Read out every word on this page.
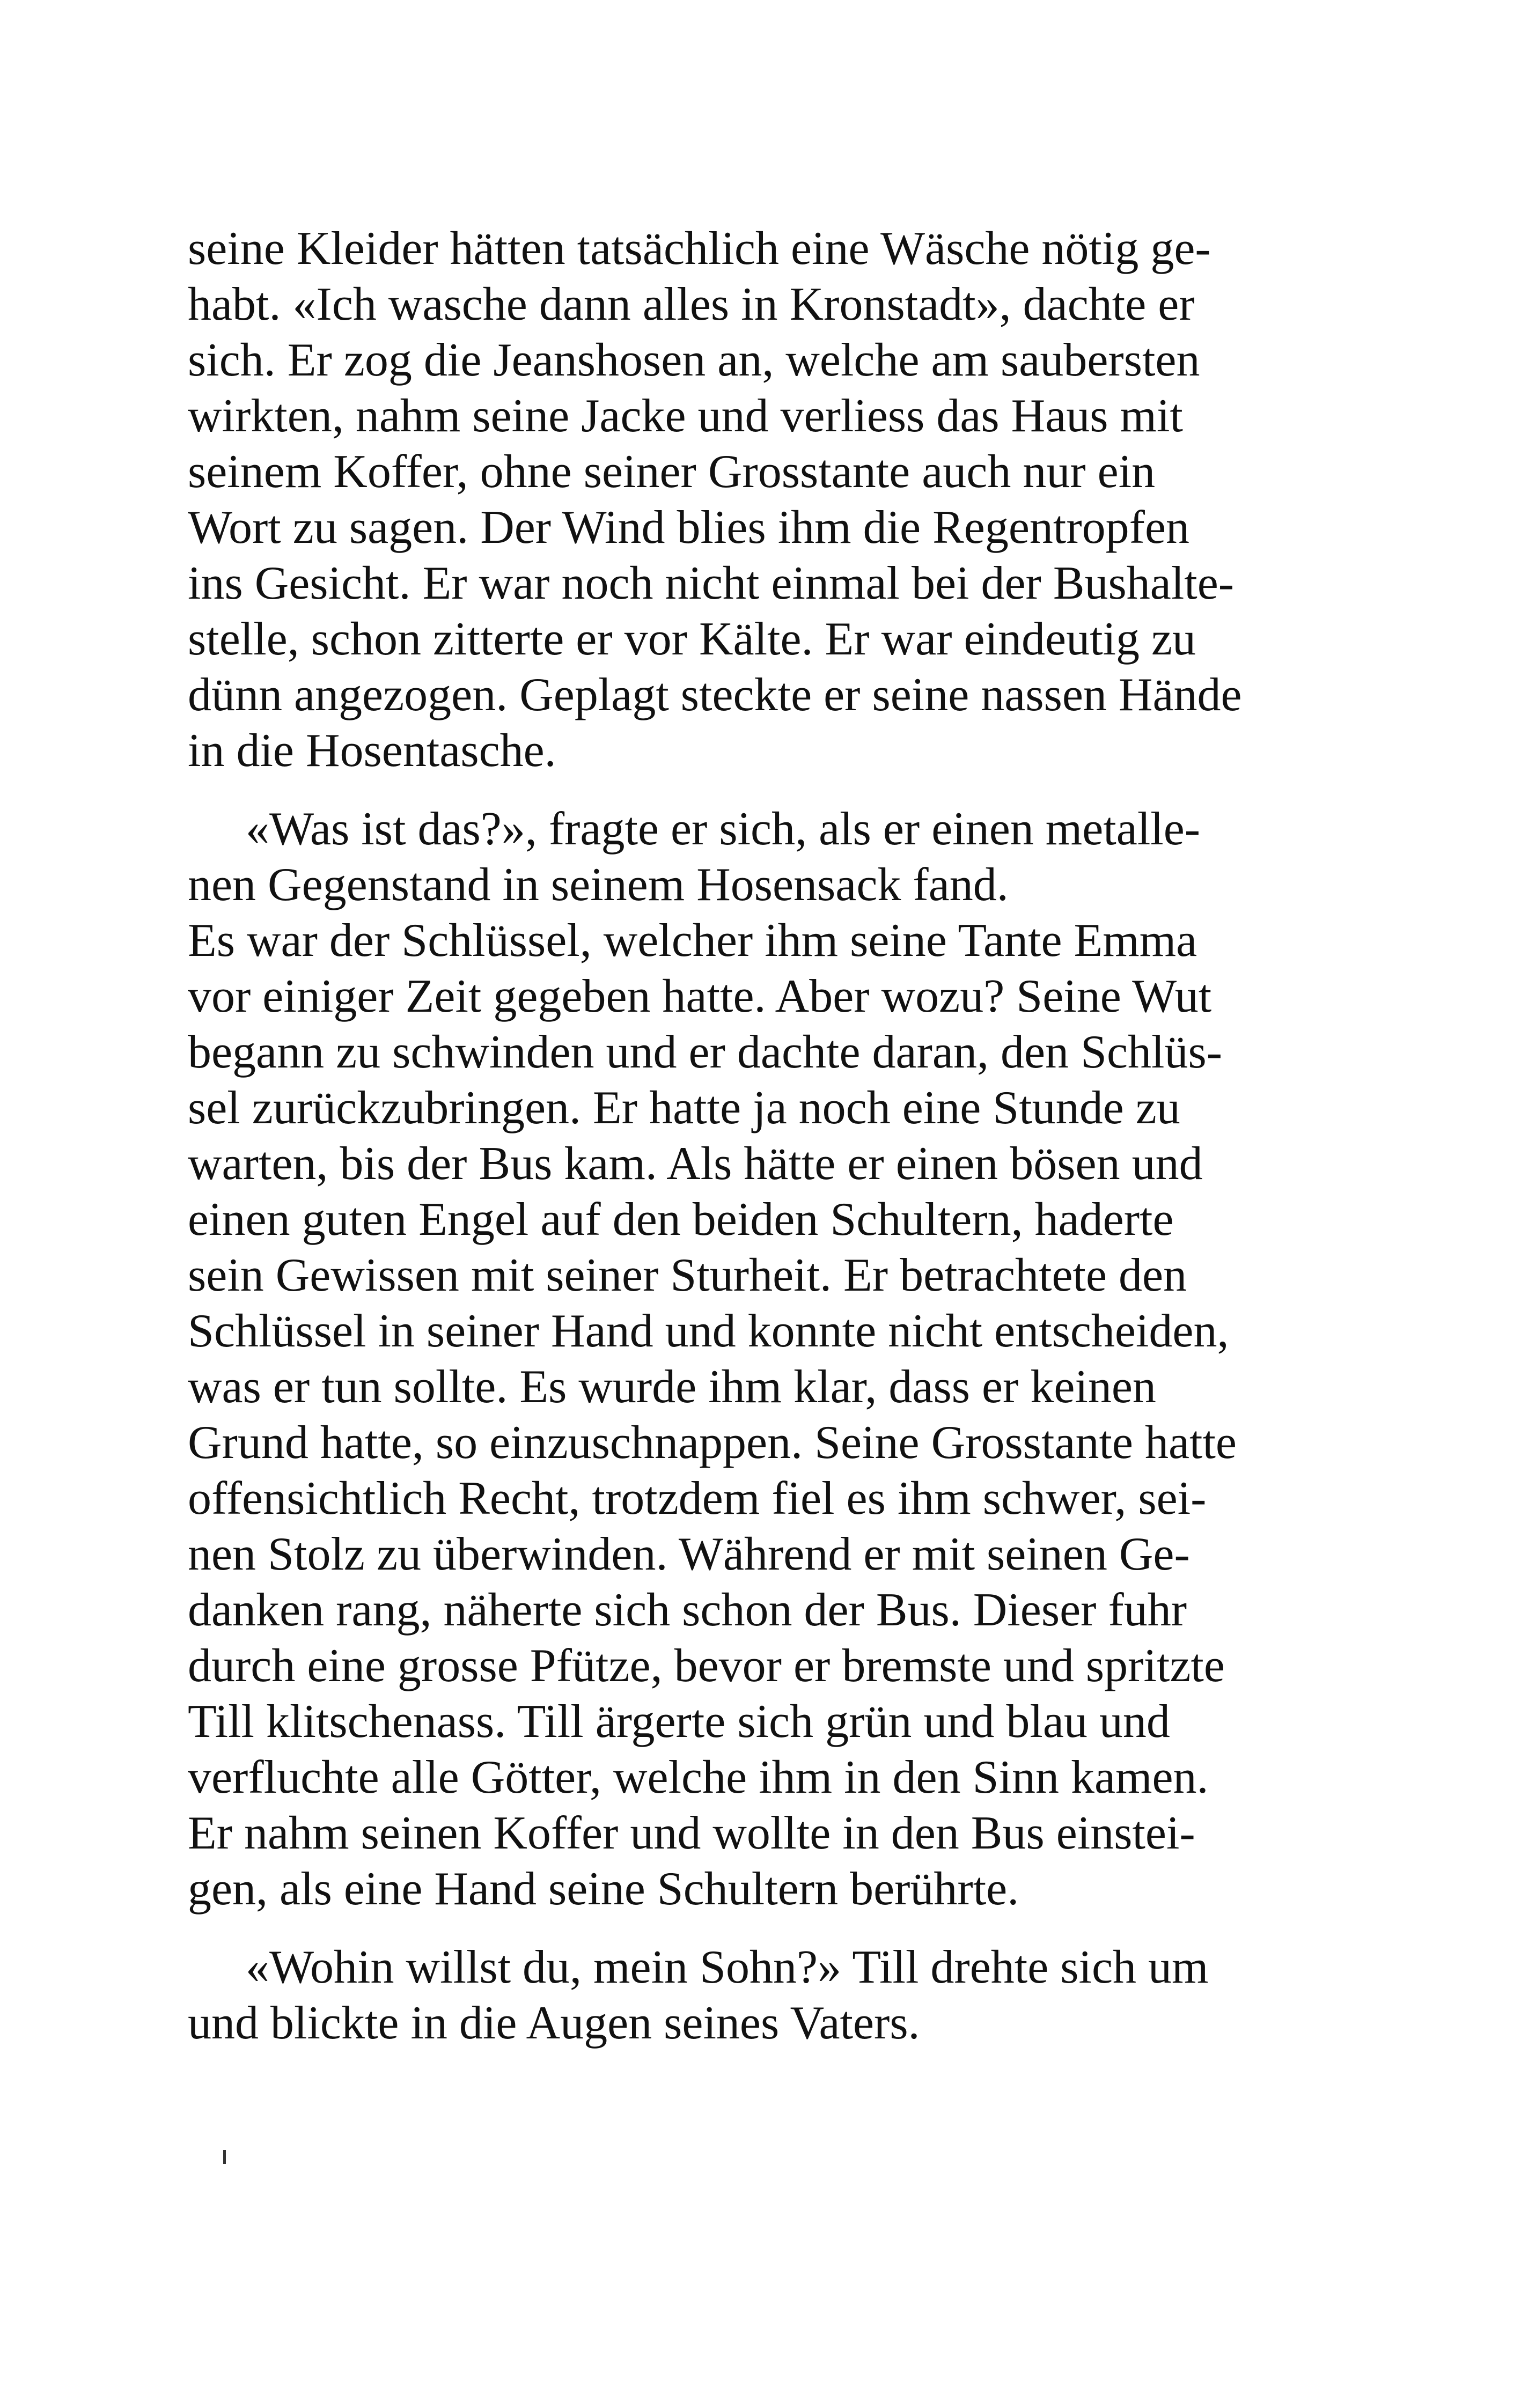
seine Kleider hätten tatsächlich eine Wäsche nötig ge-
habt. «Ich wasche dann alles in Kronstadt», dachte er
sich. Er zog die Jeanshosen an, welche am saubersten
wirkten, nahm seine Jacke und verliess das Haus mit
seinem Koffer, ohne seiner Grosstante auch nur ein
Wort zu sagen. Der Wind blies ihm die Regentropfen
ins Gesicht. Er war noch nicht einmal bei der Bushalte-
stelle, schon zitterte er vor Kälte. Er war eindeutig zu
dünn angezogen. Geplagt steckte er seine nassen Hände
in die Hosentasche.
«Was ist das?», fragte er sich, als er einen metalle-
nen Gegenstand in seinem Hosensack fand.
Es war der Schlüssel, welcher ihm seine Tante Emma
vor einiger Zeit gegeben hatte. Aber wozu? Seine Wut
begann zu schwinden und er dachte daran, den Schlüs-
sel zurückzubringen. Er hatte ja noch eine Stunde zu
warten, bis der Bus kam. Als hätte er einen bösen und
einen guten Engel auf den beiden Schultern, haderte
sein Gewissen mit seiner Sturheit. Er betrachtete den
Schlüssel in seiner Hand und konnte nicht entscheiden,
was er tun sollte. Es wurde ihm klar, dass er keinen
Grund hatte, so einzuschnappen. Seine Grosstante hatte
offensichtlich Recht, trotzdem fiel es ihm schwer, sei-
nen Stolz zu überwinden. Während er mit seinen Ge-
danken rang, näherte sich schon der Bus. Dieser fuhr
durch eine grosse Pfütze, bevor er bremste und spritzte
Till klitschenass. Till ärgerte sich grün und blau und
verfluchte alle Götter, welche ihm in den Sinn kamen.
Er nahm seinen Koffer und wollte in den Bus einstei-
gen, als eine Hand seine Schultern berührte.
«Wohin willst du, mein Sohn?» Till drehte sich um
und blickte in die Augen seines Vaters.
